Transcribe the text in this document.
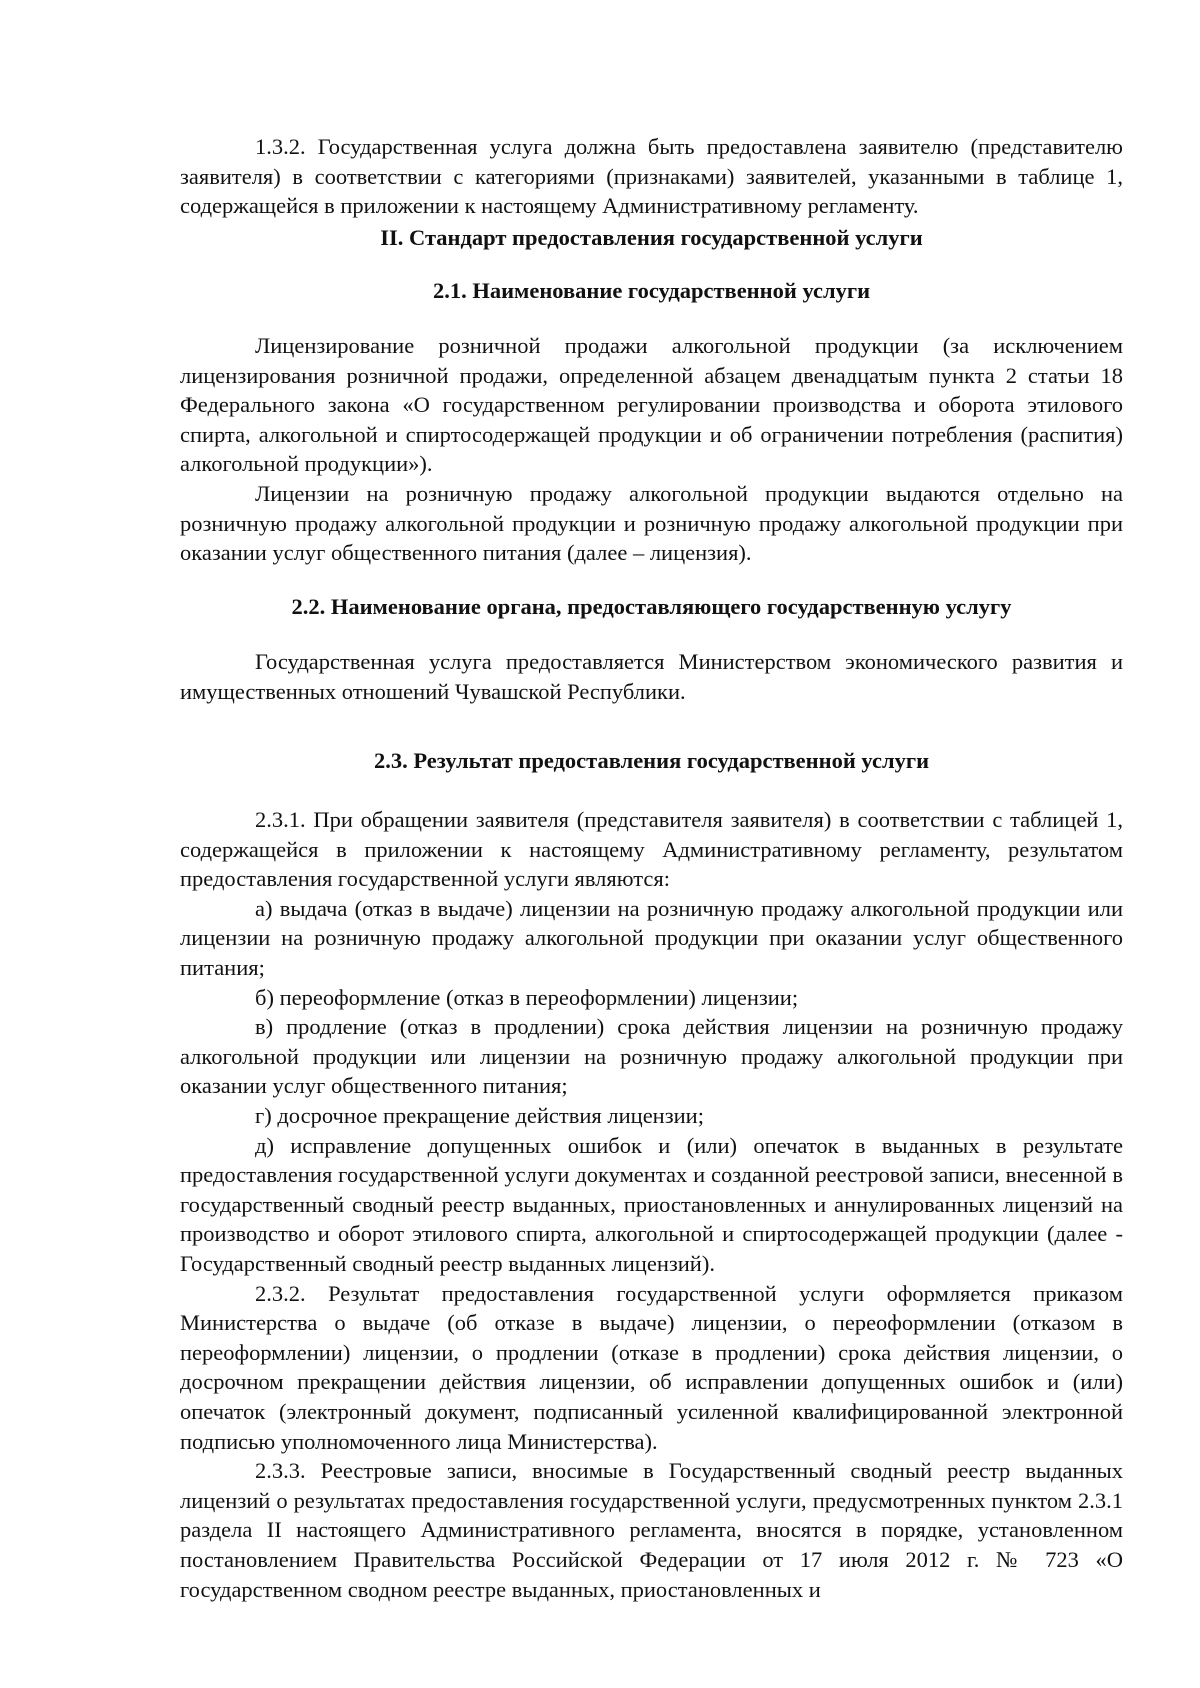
1.3.2. Государственная услуга должна быть предоставлена заявителю (представителю заявителя) в соответствии с категориями (признаками) заявителей, указанными в таблице 1, содержащейся в приложении к настоящему Административному регламенту.

II. Стандарт предоставления государственной услуги
2.1. Наименование государственной услуги

Лицензирование розничной продажи алкогольной продукции (за исключением лицензирования розничной продажи, определенной абзацем двенадцатым пункта 2 статьи 18 Федерального закона «О государственном регулировании производства и оборота этилового спирта, алкогольной и спиртосодержащей продукции и об ограничении потребления (распития) алкогольной продукции»).

Лицензии на розничную продажу алкогольной продукции выдаются отдельно на розничную продажу алкогольной продукции и розничную продажу алкогольной продукции при оказании услуг общественного питания (далее – лицензия).

2.2. Наименование органа, предоставляющего государственную услугу

Государственная услуга предоставляется Министерством экономического развития и имущественных отношений Чувашской Республики.

2.3. Результат предоставления государственной услуги

2.3.1. При обращении заявителя (представителя заявителя) в соответствии с таблицей 1, содержащейся в приложении к настоящему Административному регламенту, результатом предоставления государственной услуги являются:

а) выдача (отказ в выдаче) лицензии на розничную продажу алкогольной продукции или лицензии на розничную продажу алкогольной продукции при оказании услуг общественного питания;

б) переоформление (отказ в переоформлении) лицензии;

в) продление (отказ в продлении) срока действия лицензии на розничную продажу алкогольной продукции или лицензии на розничную продажу алкогольной продукции при оказании услуг общественного питания;

г) досрочное прекращение действия лицензии;

д) исправление допущенных ошибок и (или) опечаток в выданных в результате предоставления государственной услуги документах и созданной реестровой записи, внесенной в государственный сводный реестр выданных, приостановленных и аннулированных лицензий на производство и оборот этилового спирта, алкогольной и спиртосодержащей продукции (далее - Государственный сводный реестр выданных лицензий).

2.3.2. Результат предоставления государственной услуги оформляется приказом Министерства о выдаче (об отказе в выдаче) лицензии, о переоформлении (отказом в переоформлении) лицензии, о продлении (отказе в продлении) срока действия лицензии, о досрочном прекращении действия лицензии, об исправлении допущенных ошибок и (или) опечаток (электронный документ, подписанный усиленной квалифицированной электронной подписью уполномоченного лица Министерства).

2.3.3. Реестровые записи, вносимые в Государственный сводный реестр выданных лицензий о результатах предоставления государственной услуги, предусмотренных пунктом 2.3.1 раздела II настоящего Административного регламента, вносятся в порядке, установленном постановлением Правительства Российской Федерации от 17 июля 2012 г. № 723 «О государственном сводном реестре выданных, приостановленных и
